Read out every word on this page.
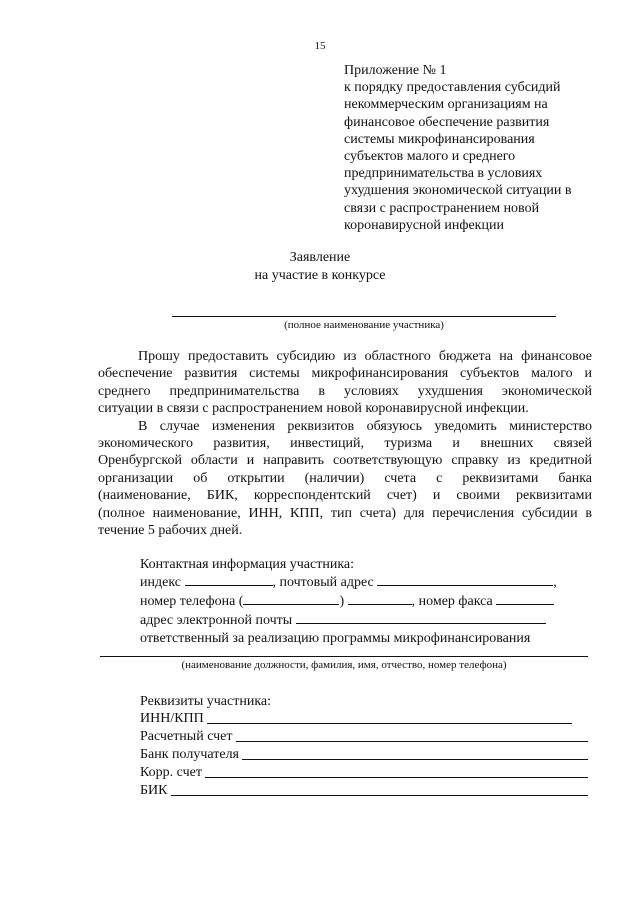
15
Приложение № 1
к порядку предоставления субсидий
некоммерческим организациям на
финансовое обеспечение развития
системы микрофинансирования
субъектов малого и среднего
предпринимательства в условиях
ухудшения экономической ситуации в
связи с распространением новой
коронавирусной инфекции
Заявление
на участие в конкурсе
(полное наименование участника)
Прошу предоставить субсидию из областного бюджета на финансовое
обеспечение развития системы микрофинансирования субъектов малого и
среднего предпринимательства в условиях ухудшения экономической
ситуации в связи с распространением новой коронавирусной инфекции.
В случае изменения реквизитов обязуюсь уведомить министерство
экономического развития, инвестиций, туризма и внешних связей
Оренбургской области и направить соответствующую справку из кредитной
организации об открытии (наличии) счета с реквизитами банка
(наименование, БИК, корреспондентский счет) и своими реквизитами
(полное наименование, ИНН, КПП, тип счета) для перечисления субсидии в
течение 5 рабочих дней.
Контактная информация участника:
индекс	, почтовый адрес	,
номер телефона (	)	, номер факса
адрес электронной почты
ответственный за реализацию программы микрофинансирования
(наименование должности, фамилия, имя, отчество, номер телефона)
Реквизиты участника:
ИНН/КПП
Расчетный счет
Банк получателя
Корр. счет
БИК
